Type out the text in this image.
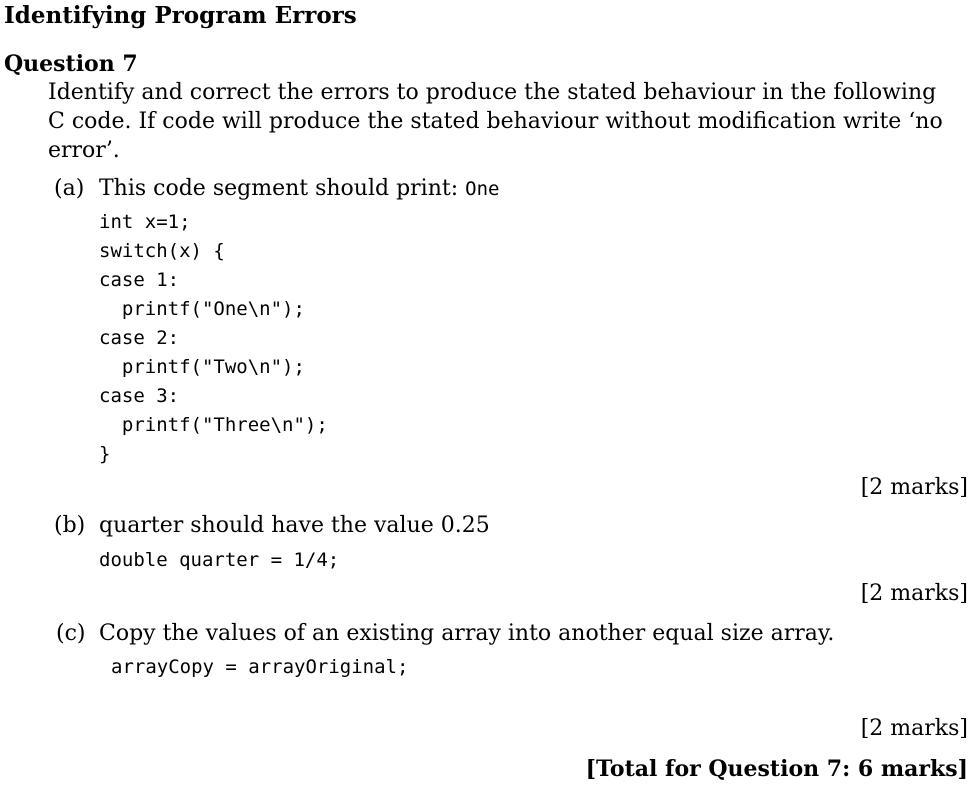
Identifying Program Errors
Question 7
Identify and correct the errors to produce the stated behaviour in the following
C code. If code will produce the stated behaviour without modification write ‘no
error’.
(a) This code segment should print: One
int x=1;
switch(x) {
case 1:
printf("One\n");
case 2:
printf("Two\n");
case 3:
printf("Three\n");
}
[2 marks]
(b) quarter should have the value 0.25
double quarter = 1/4;
[2 marks]
(c) Copy the values of an existing array into another equal size array.
arrayCopy = arrayOriginal;
[2 marks]
[Total for Question 7: 6 marks]
